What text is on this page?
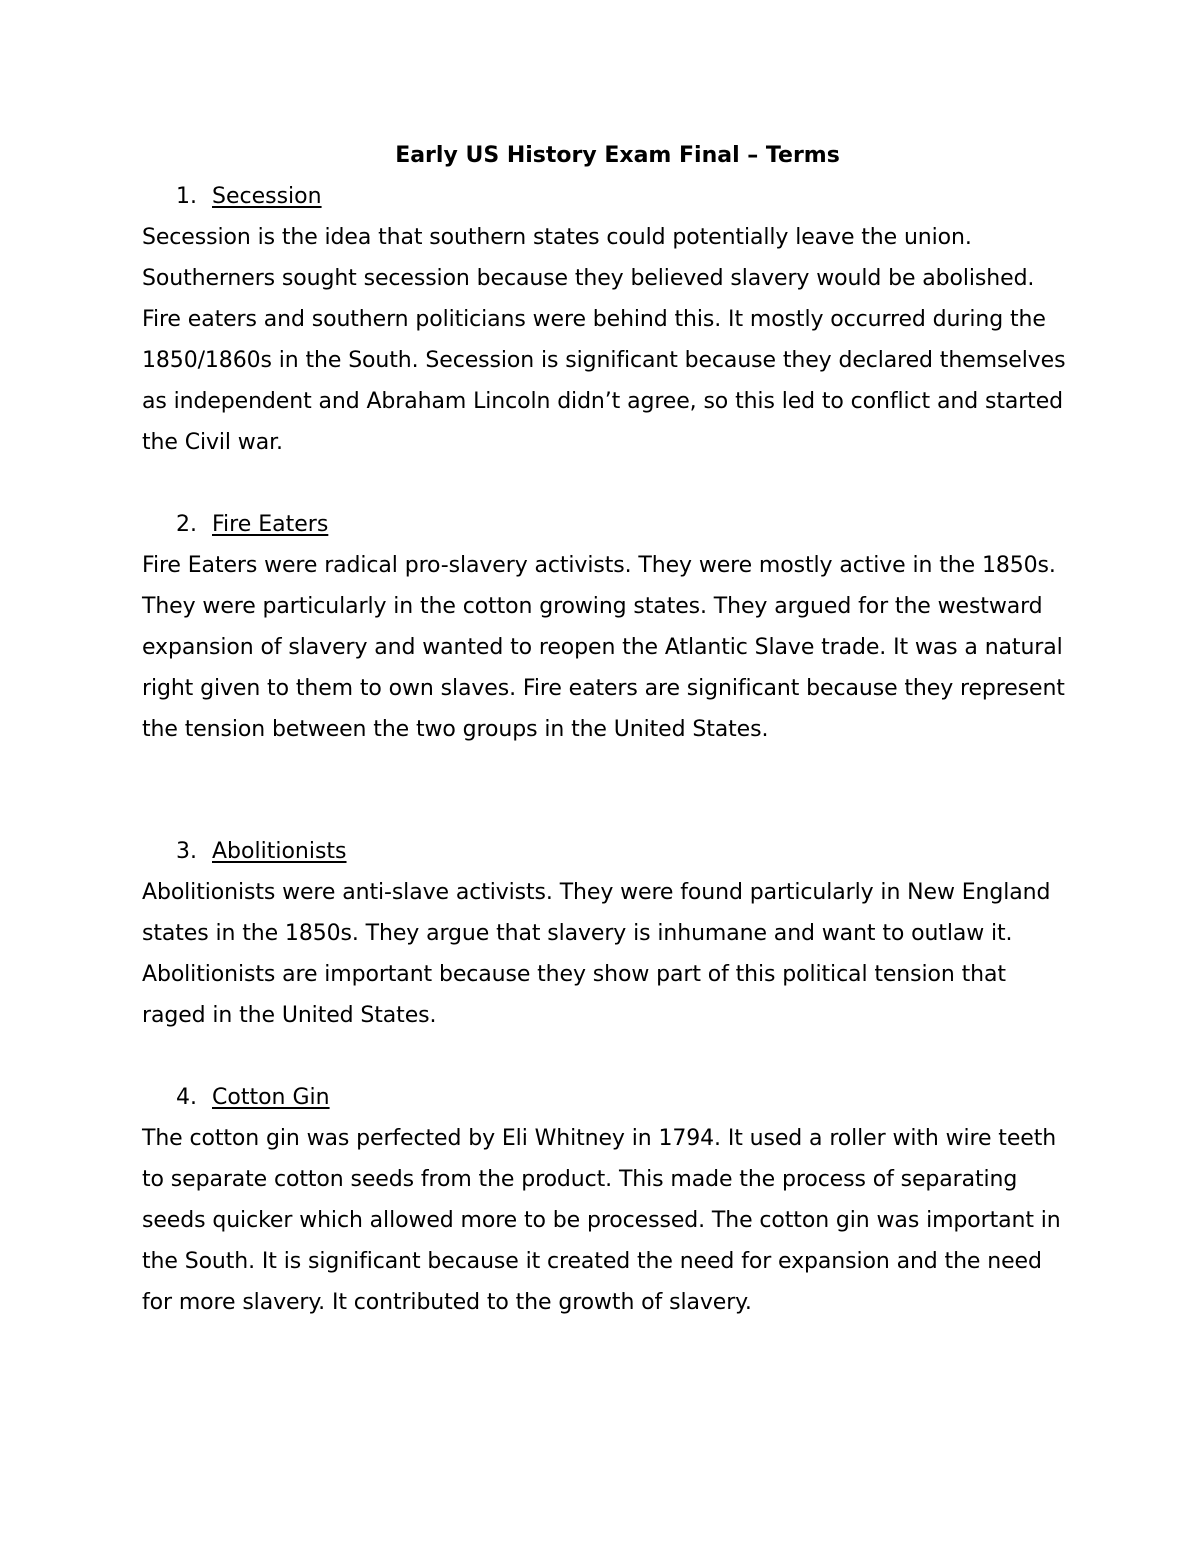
Early US History Exam Final – Terms
1. Secession

Secession is the idea that southern states could potentially leave the union. Southerners sought secession because they believed slavery would be abolished. Fire eaters and southern politicians were behind this. It mostly occurred during the 1850/1860s in the South. Secession is significant because they declared themselves as independent and Abraham Lincoln didn’t agree, so this led to conflict and started the Civil war.

2. Fire Eaters

Fire Eaters were radical pro-slavery activists. They were mostly active in the 1850s. They were particularly in the cotton growing states. They argued for the westward expansion of slavery and wanted to reopen the Atlantic Slave trade. It was a natural right given to them to own slaves. Fire eaters are significant because they represent the tension between the two groups in the United States.

3. Abolitionists

Abolitionists were anti-slave activists. They were found particularly in New England states in the 1850s. They argue that slavery is inhumane and want to outlaw it. Abolitionists are important because they show part of this political tension that raged in the United States.

4. Cotton Gin

The cotton gin was perfected by Eli Whitney in 1794. It used a roller with wire teeth to separate cotton seeds from the product. This made the process of separating seeds quicker which allowed more to be processed. The cotton gin was important in the South. It is significant because it created the need for expansion and the need for more slavery. It contributed to the growth of slavery.
